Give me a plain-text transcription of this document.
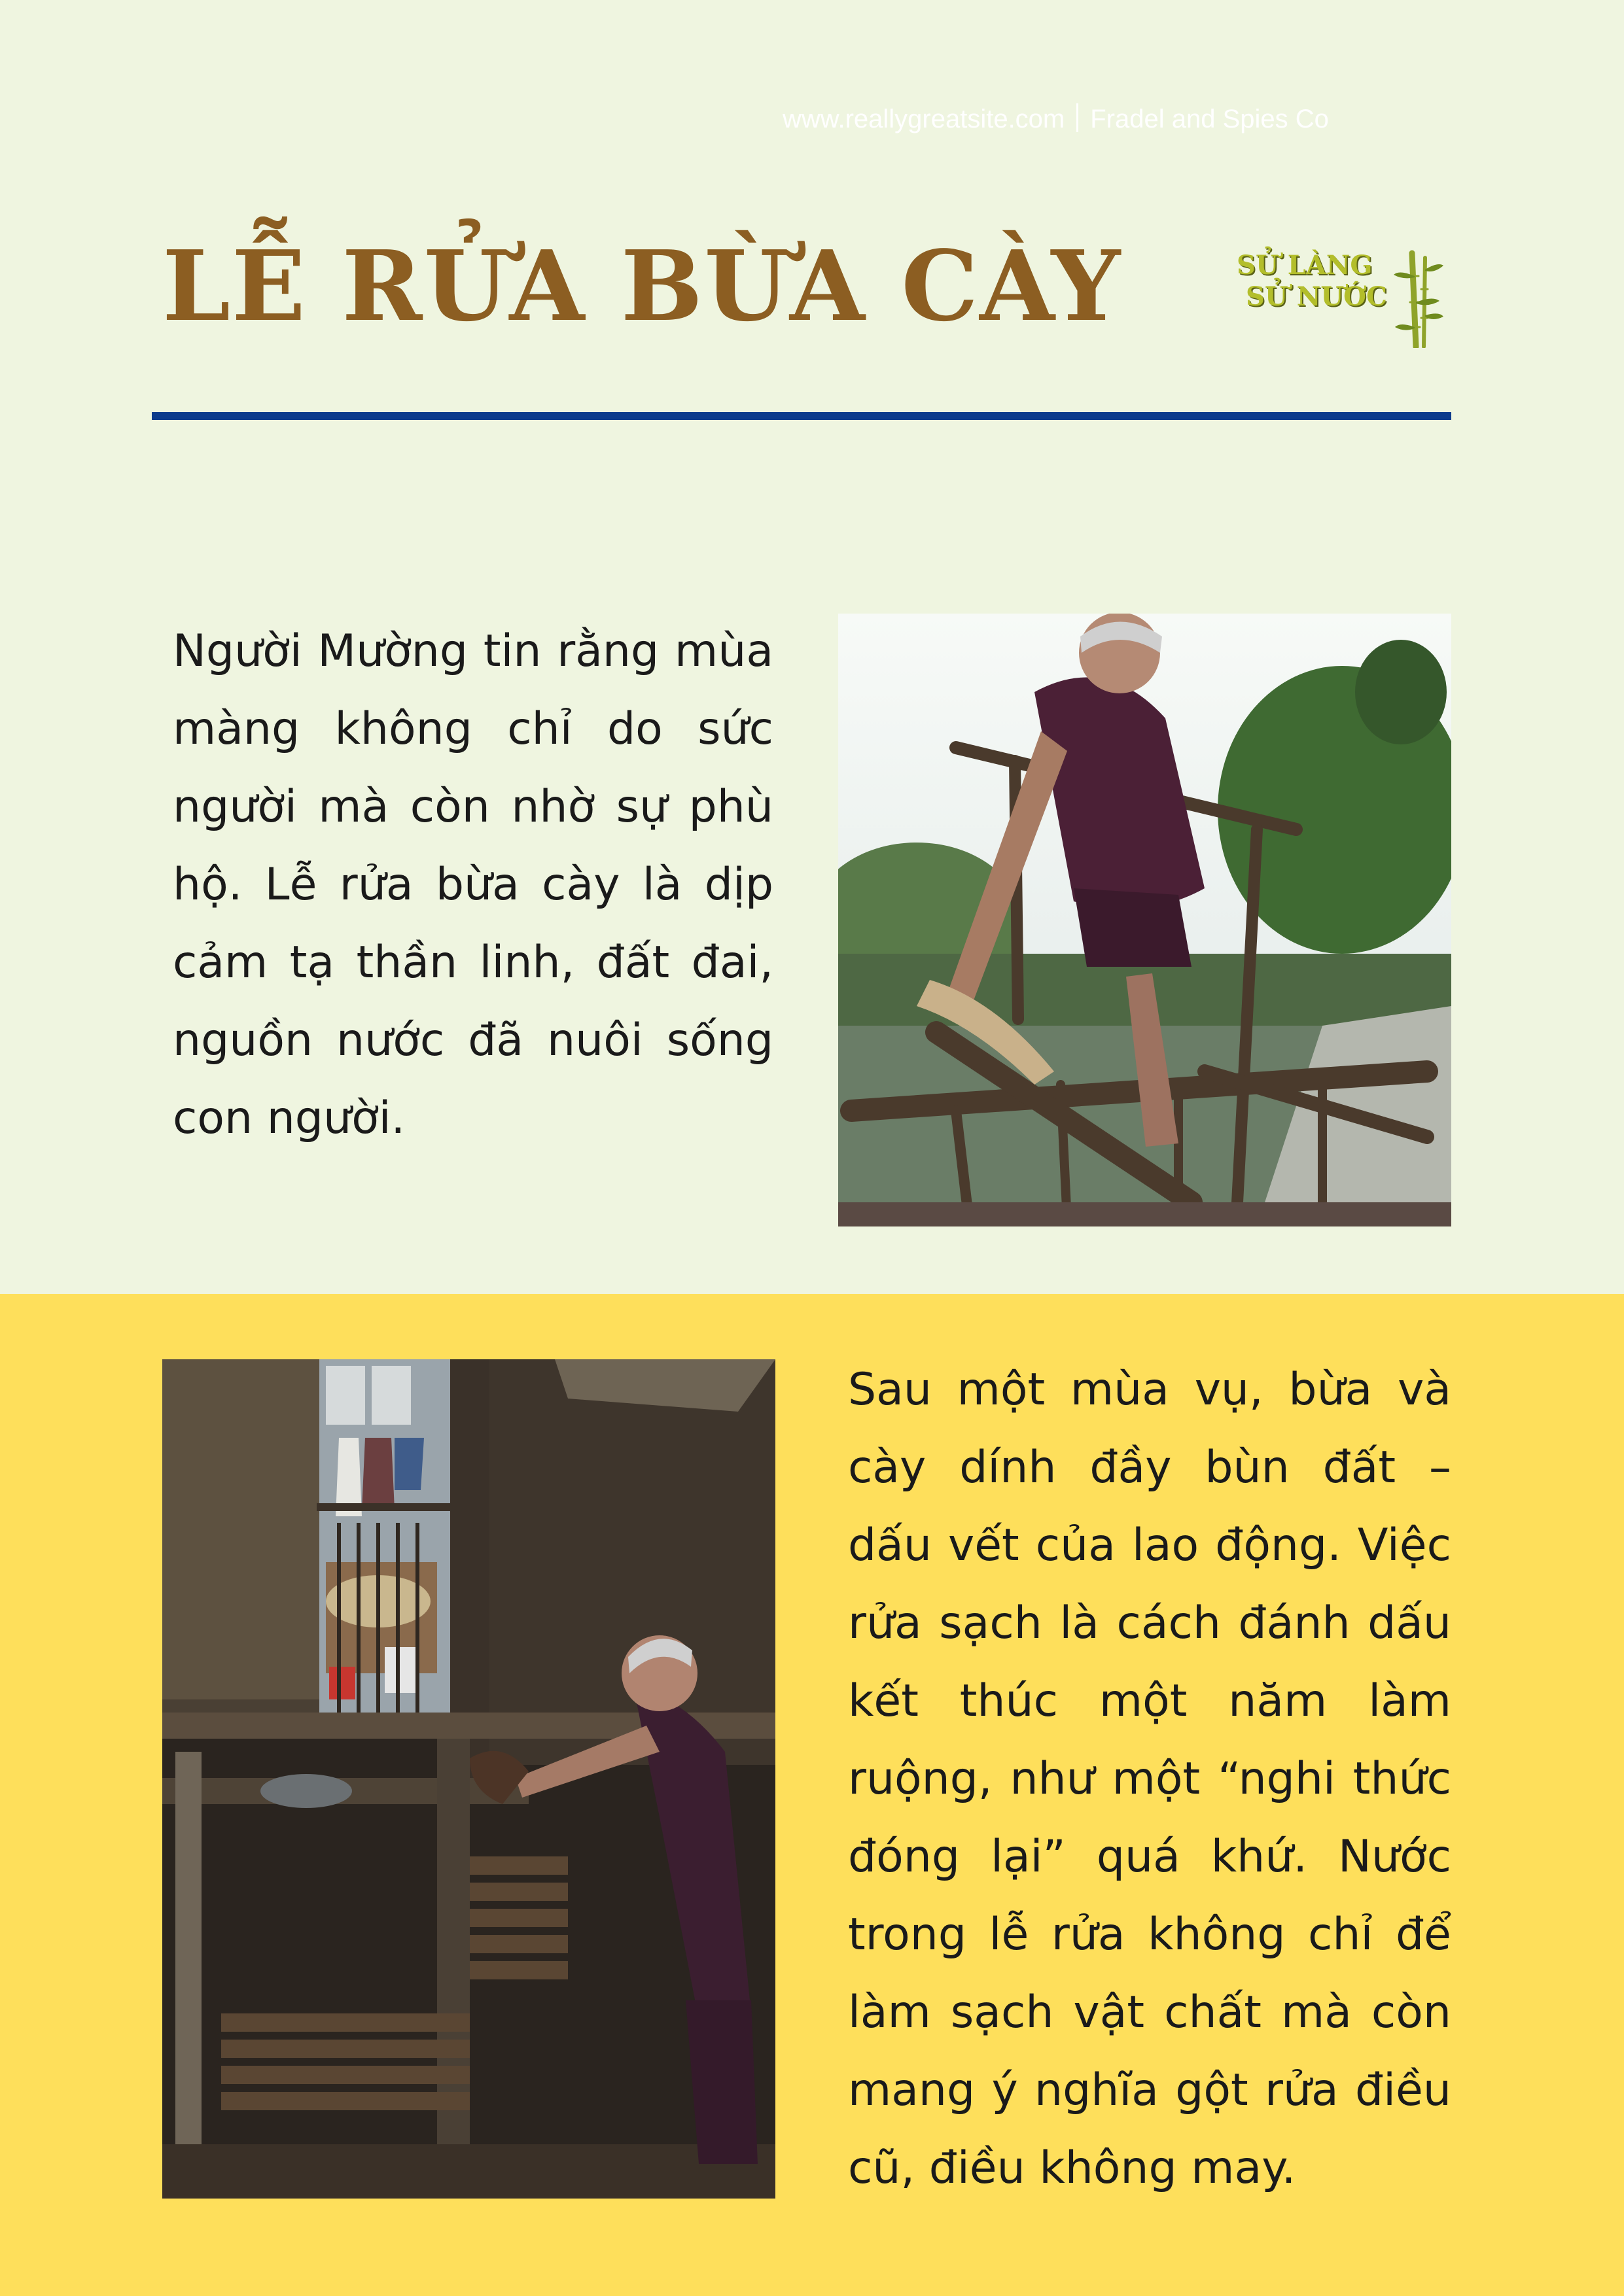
www.reallygreatsite.com Fradel and Spies Co
LỄ RỬA BỪA CÀY	SỬ LÀNG
SỬ NƯỚC
Người Mường tin rằng mùa màng không chỉ do sức người mà còn nhờ sự phù hộ. Lễ rửa bừa cày là dịp cảm tạ thần linh, đất đai, nguồn nước đã nuôi sống con người.
Sau một mùa vụ, bừa và cày dính đầy bùn đất – dấu vết của lao động. Việc rửa sạch là cách đánh dấu kết thúc một năm làm ruộng, như một “nghi thức đóng lại” quá khứ. Nước trong lễ rửa không chỉ để làm sạch vật chất mà còn mang ý nghĩa gột rửa điều cũ, điều không may.
